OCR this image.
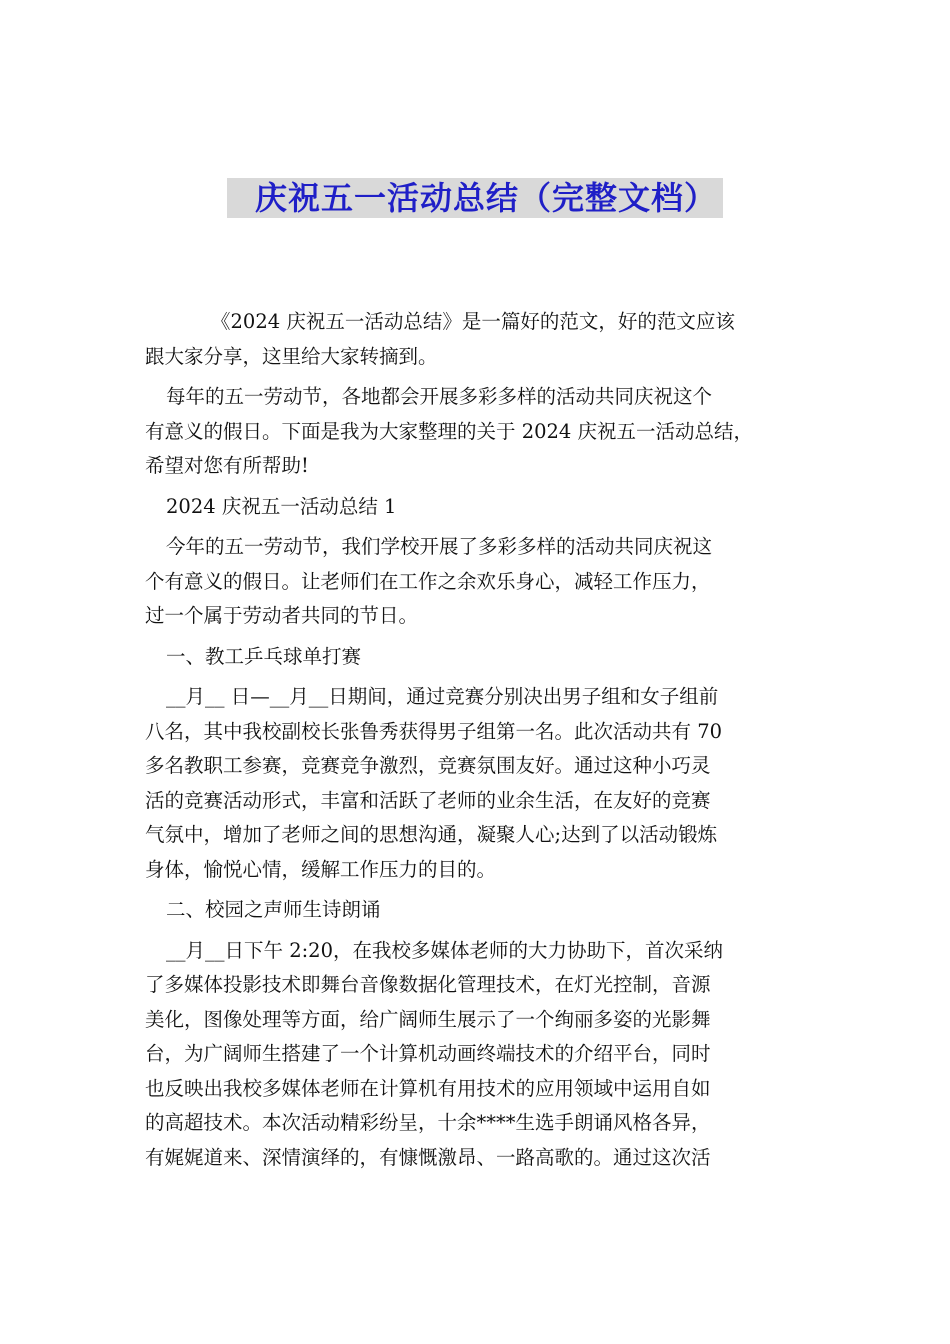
庆祝五一活动总结（完整文档）
《2024 庆祝五一活动总结》是一篇好的范文，好的范文应该
跟大家分享，这里给大家转摘到。
每年的五一劳动节，各地都会开展多彩多样的活动共同庆祝这个
有意义的假日。下面是我为大家整理的关于 2024 庆祝五一活动总结，
希望对您有所帮助!
2024 庆祝五一活动总结 1
今年的五一劳动节，我们学校开展了多彩多样的活动共同庆祝这
个有意义的假日。让老师们在工作之余欢乐身心，减轻工作压力，
过一个属于劳动者共同的节日。
一、教工乒乓球单打赛
__月__ 日—__月__日期间，通过竞赛分别决出男子组和女子组前
八名，其中我校副校长张鲁秀获得男子组第一名。此次活动共有 70
多名教职工参赛，竞赛竞争激烈，竞赛氛围友好。通过这种小巧灵
活的竞赛活动形式，丰富和活跃了老师的业余生活，在友好的竞赛
气氛中，增加了老师之间的思想沟通，凝聚人心;达到了以活动锻炼
身体，愉悦心情，缓解工作压力的目的。
二、校园之声师生诗朗诵
__月__日下午 2:20，在我校多媒体老师的大力协助下，首次采纳
了多媒体投影技术即舞台音像数据化管理技术，在灯光控制，音源
美化，图像处理等方面，给广阔师生展示了一个绚丽多姿的光影舞
台，为广阔师生搭建了一个计算机动画终端技术的介绍平台，同时
也反映出我校多媒体老师在计算机有用技术的应用领域中运用自如
的高超技术。本次活动精彩纷呈，十余****生选手朗诵风格各异，
有娓娓道来、深情演绎的，有慷慨激昂、一路高歌的。通过这次活
